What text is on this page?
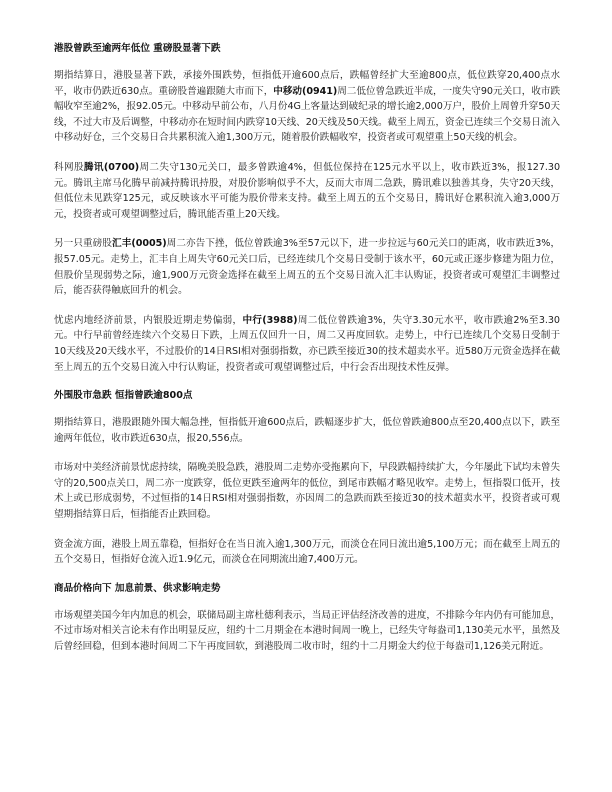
港股曾跌至逾两年低位 重磅股显著下跌

期指结算日，港股显著下跌，承接外围跌势，恒指低开逾600点后，跌幅曾经扩大至逾800点，低位跌穿20,400点水平，收市仍跌近630点。重磅股普遍跟随大市而下，中移动(0941)周二低位曾急跌近半成，一度失守90元关口，收市跌幅收窄至逾2%，报92.05元。中移动早前公布，八月份4G上客量达到破纪录的增长逾2,000万户，股价上周曾升穿50天线，不过大市及后调整，中移动亦在短时间内跌穿10天线、20天线及50天线。截至上周五，资金已连续三个交易日流入中移动好仓，三个交易日合共累积流入逾1,300万元，随着股价跌幅收窄，投资者或可观望重上50天线的机会。

科网股腾讯(0700)周二失守130元关口，最多曾跌逾4%，但低位保持在125元水平以上，收市跌近3%，报127.30元。腾讯主席马化腾早前减持腾讯持股，对股价影响似乎不大，反而大市周二急跌，腾讯难以独善其身，失守20天线，但低位未见跌穿125元，或反映该水平可能为股价带来支持。截至上周五的五个交易日，腾讯好仓累积流入逾3,000万元，投资者或可观望调整过后，腾讯能否重上20天线。

另一只重磅股汇丰(0005)周二亦告下挫，低位曾跌逾3%至57元以下，进一步拉远与60元关口的距离，收市跌近3%，报57.05元。走势上，汇丰自上周失守60元关口后，已经连续几个交易日受制于该水平，60元或正逐步修建为阻力位，但股价呈现弱势之际，逾1,900万元资金选择在截至上周五的五个交易日流入汇丰认购证，投资者或可观望汇丰调整过后，能否获得触底回升的机会。

忧虑内地经济前景，内银股近期走势偏弱，中行(3988)周二低位曾跌逾3%，失守3.30元水平，收市跌逾2%至3.30元。中行早前曾经连续六个交易日下跌，上周五仅回升一日，周二又再度回软。走势上，中行已连续几个交易日受制于10天线及20天线水平，不过股价的14日RSI相对强弱指数，亦已跌至接近30的技术超卖水平。近580万元资金选择在截至上周五的五个交易日流入中行认购证，投资者或可观望调整过后，中行会否出现技术性反弹。

外围股市急跌 恒指曾跌逾800点

期指结算日，港股跟随外围大幅急挫，恒指低开逾600点后，跌幅逐步扩大，低位曾跌逾800点至20,400点以下，跌至逾两年低位，收市跌近630点，报20,556点。

市场对中美经济前景忧虑持续，隔晚美股急跌，港股周二走势亦受拖累向下，早段跌幅持续扩大，今年屡此下试均未曾失守的20,500点关口，周二亦一度跌穿，低位更跌至逾两年的低位，到尾市跌幅才略见收窄。走势上，恒指裂口低开，技术上或已形成弱势，不过恒指的14日RSI相对强弱指数，亦因周二的急跌而跌至接近30的技术超卖水平，投资者或可观望期指结算日后，恒指能否止跌回稳。

资金流方面，港股上周五靠稳，恒指好仓在当日流入逾1,300万元，而淡仓在同日流出逾5,100万元；而在截至上周五的五个交易日，恒指好仓流入近1.9亿元，而淡仓在同期流出逾7,400万元。

商品价格向下 加息前景、供求影响走势

市场观望美国今年内加息的机会，联储局副主席杜德利表示，当局正评估经济改善的进度，不排除今年内仍有可能加息，不过市场对相关言论未有作出明显反应，纽约十二月期金在本港时间周一晚上，已经失守每盎司1,130美元水平，虽然及后曾经回稳，但到本港时间周二下午再度回软，到港股周二收市时，纽约十二月期金大约位于每盎司1,126美元附近。
